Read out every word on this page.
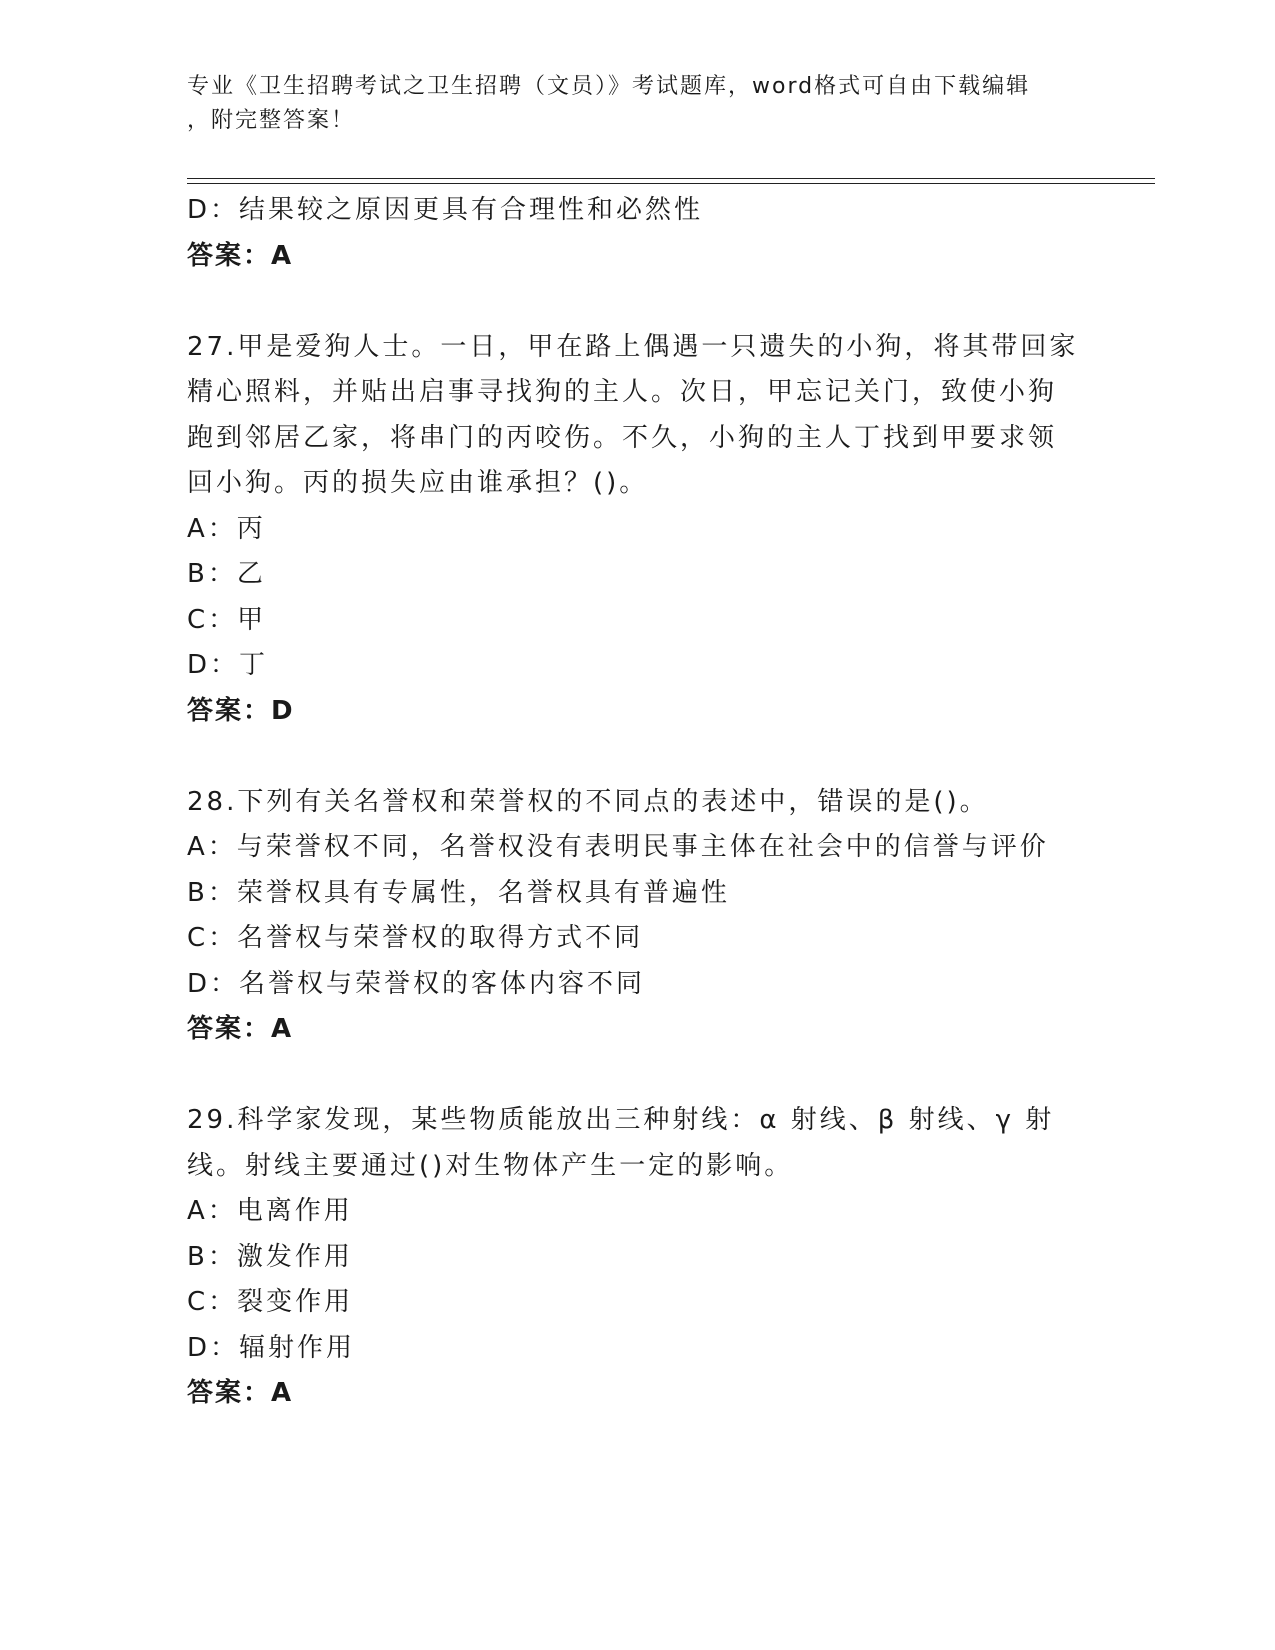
专业《卫生招聘考试之卫生招聘（文员）》考试题库，word格式可自由下载编辑
，附完整答案！
D：结果较之原因更具有合理性和必然性
答案：A
27.甲是爱狗人士。一日，甲在路上偶遇一只遗失的小狗，将其带回家
精心照料，并贴出启事寻找狗的主人。次日，甲忘记关门，致使小狗
跑到邻居乙家，将串门的丙咬伤。不久，小狗的主人丁找到甲要求领
回小狗。丙的损失应由谁承担？()。
A：丙
B：乙
C：甲
D：丁
答案：D
28.下列有关名誉权和荣誉权的不同点的表述中，错误的是()。
A：与荣誉权不同，名誉权没有表明民事主体在社会中的信誉与评价
B：荣誉权具有专属性，名誉权具有普遍性
C：名誉权与荣誉权的取得方式不同
D：名誉权与荣誉权的客体内容不同
答案：A
29.科学家发现，某些物质能放出三种射线：α 射线、β 射线、γ 射
线。射线主要通过()对生物体产生一定的影响。
A：电离作用
B：激发作用
C：裂变作用
D：辐射作用
答案：A
